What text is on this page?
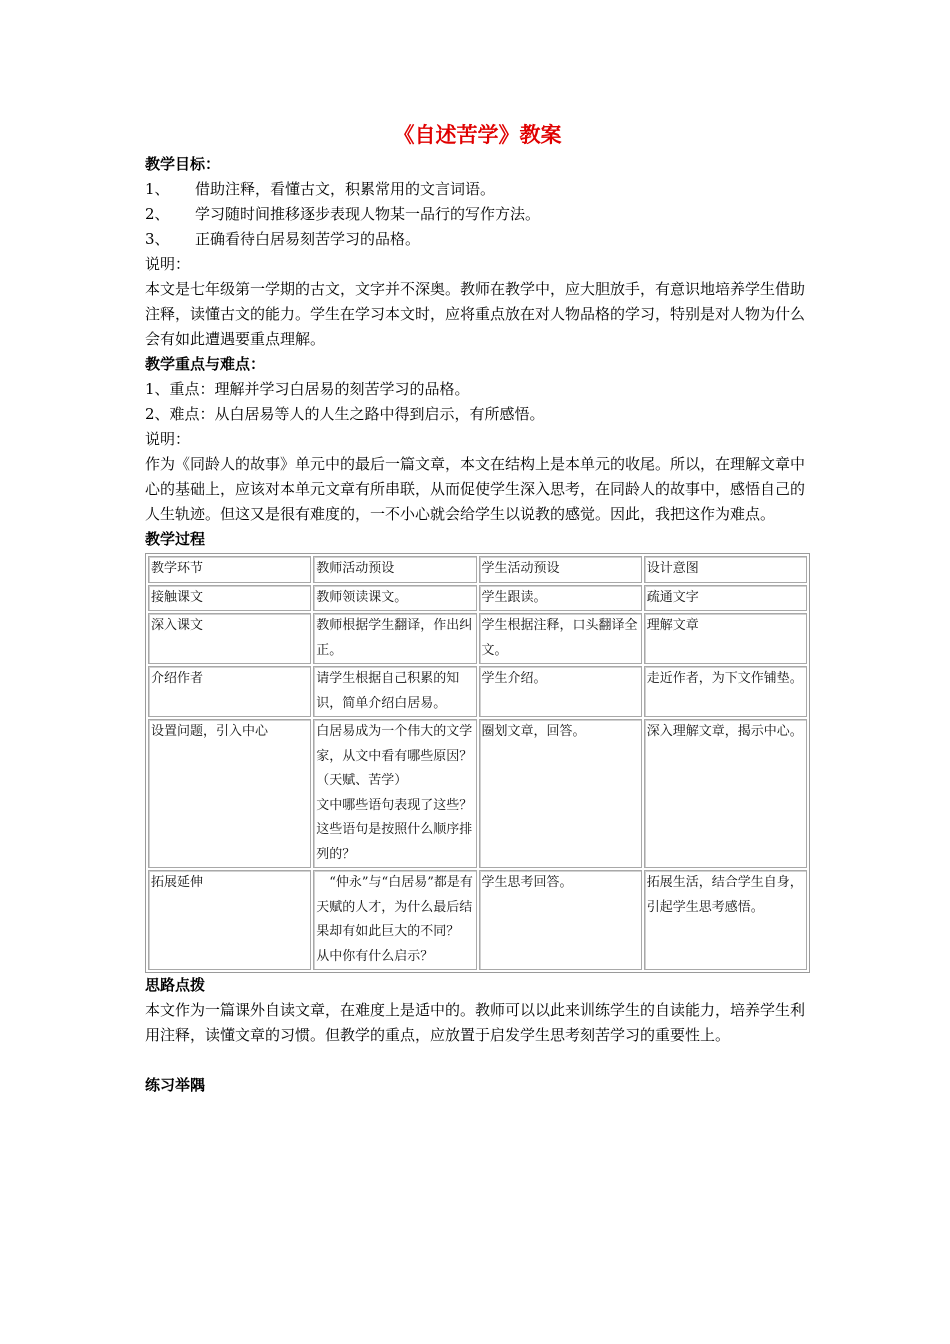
《自述苦学》教案

教学目标：

1、	借助注释，看懂古文，积累常用的文言词语。
2、	学习随时间推移逐步表现人物某一品行的写作方法。
3、	正确看待白居易刻苦学习的品格。

说明：

本文是七年级第一学期的古文，文字并不深奥。教师在教学中，应大胆放手，有意识地培养学生借助注释，读懂古文的能力。学生在学习本文时，应将重点放在对人物品格的学习，特别是对人物为什么会有如此遭遇要重点理解。

教学重点与难点：

1、重点：理解并学习白居易的刻苦学习的品格。

2、难点：从白居易等人的人生之路中得到启示，有所感悟。

说明：

作为《同龄人的故事》单元中的最后一篇文章，本文在结构上是本单元的收尾。所以，在理解文章中心的基础上，应该对本单元文章有所串联，从而促使学生深入思考，在同龄人的故事中，感悟自己的人生轨迹。但这又是很有难度的，一不小心就会给学生以说教的感觉。因此，我把这作为难点。

教学过程

教学环节	教师活动预设	学生活动预设	设计意图
接触课文	教师领读课文。	学生跟读。	疏通文字
深入课文	教师根据学生翻译，作出纠正。	学生根据注释，口头翻译全文。	理解文章
介绍作者	请学生根据自己积累的知识，简单介绍白居易。	学生介绍。	走近作者，为下文作铺垫。
设置问题，引入中心	白居易成为一个伟大的文学家，从文中看有哪些原因？（天赋、苦学）
文中哪些语句表现了这些？
这些语句是按照什么顺序排列的？	圈划文章，回答。	深入理解文章，揭示中心。
拓展延伸	　“仲永”与“白居易”都是有天赋的人才，为什么最后结果却有如此巨大的不同？
从中你有什么启示？	学生思考回答。	拓展生活，结合学生自身，引起学生思考感悟。

思路点拨

本文作为一篇课外自读文章，在难度上是适中的。教师可以以此来训练学生的自读能力，培养学生利用注释，读懂文章的习惯。但教学的重点，应放置于启发学生思考刻苦学习的重要性上。

练习举隅
